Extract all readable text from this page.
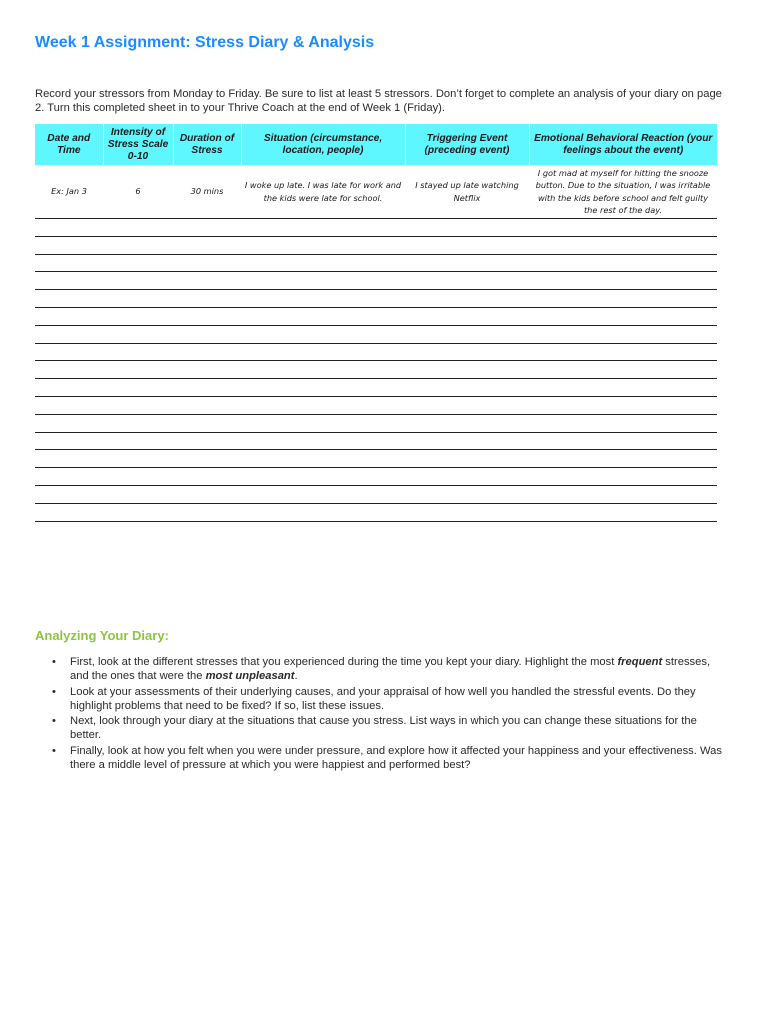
Week 1 Assignment: Stress Diary & Analysis

Record your stressors from Monday to Friday. Be sure to list at least 5 stressors. Don’t forget to complete an analysis of your diary on page 2. Turn this completed sheet in to your Thrive Coach at the end of Week 1 (Friday).

Date and Time	Intensity of Stress Scale 0-10	Duration of Stress	Situation (circumstance, location, people)	Triggering Event (preceding event)	Emotional Behavioral Reaction (your feelings about the event)
Ex: Jan 3	6	30 mins	I woke up late. I was late for work and the kids were late for school.	I stayed up late watching Netflix	I got mad at myself for hitting the snooze button. Due to the situation, I was irritable with the kids before school and felt guilty the rest of the day.
Analyzing Your Diary:
• First, look at the different stresses that you experienced during the time you kept your diary. Highlight the most frequent stresses, and the ones that were the most unpleasant.
• Look at your assessments of their underlying causes, and your appraisal of how well you handled the stressful events. Do they highlight problems that need to be fixed? If so, list these issues.
• Next, look through your diary at the situations that cause you stress. List ways in which you can change these situations for the better.
• Finally, look at how you felt when you were under pressure, and explore how it affected your happiness and your effectiveness. Was there a middle level of pressure at which you were happiest and performed best?
